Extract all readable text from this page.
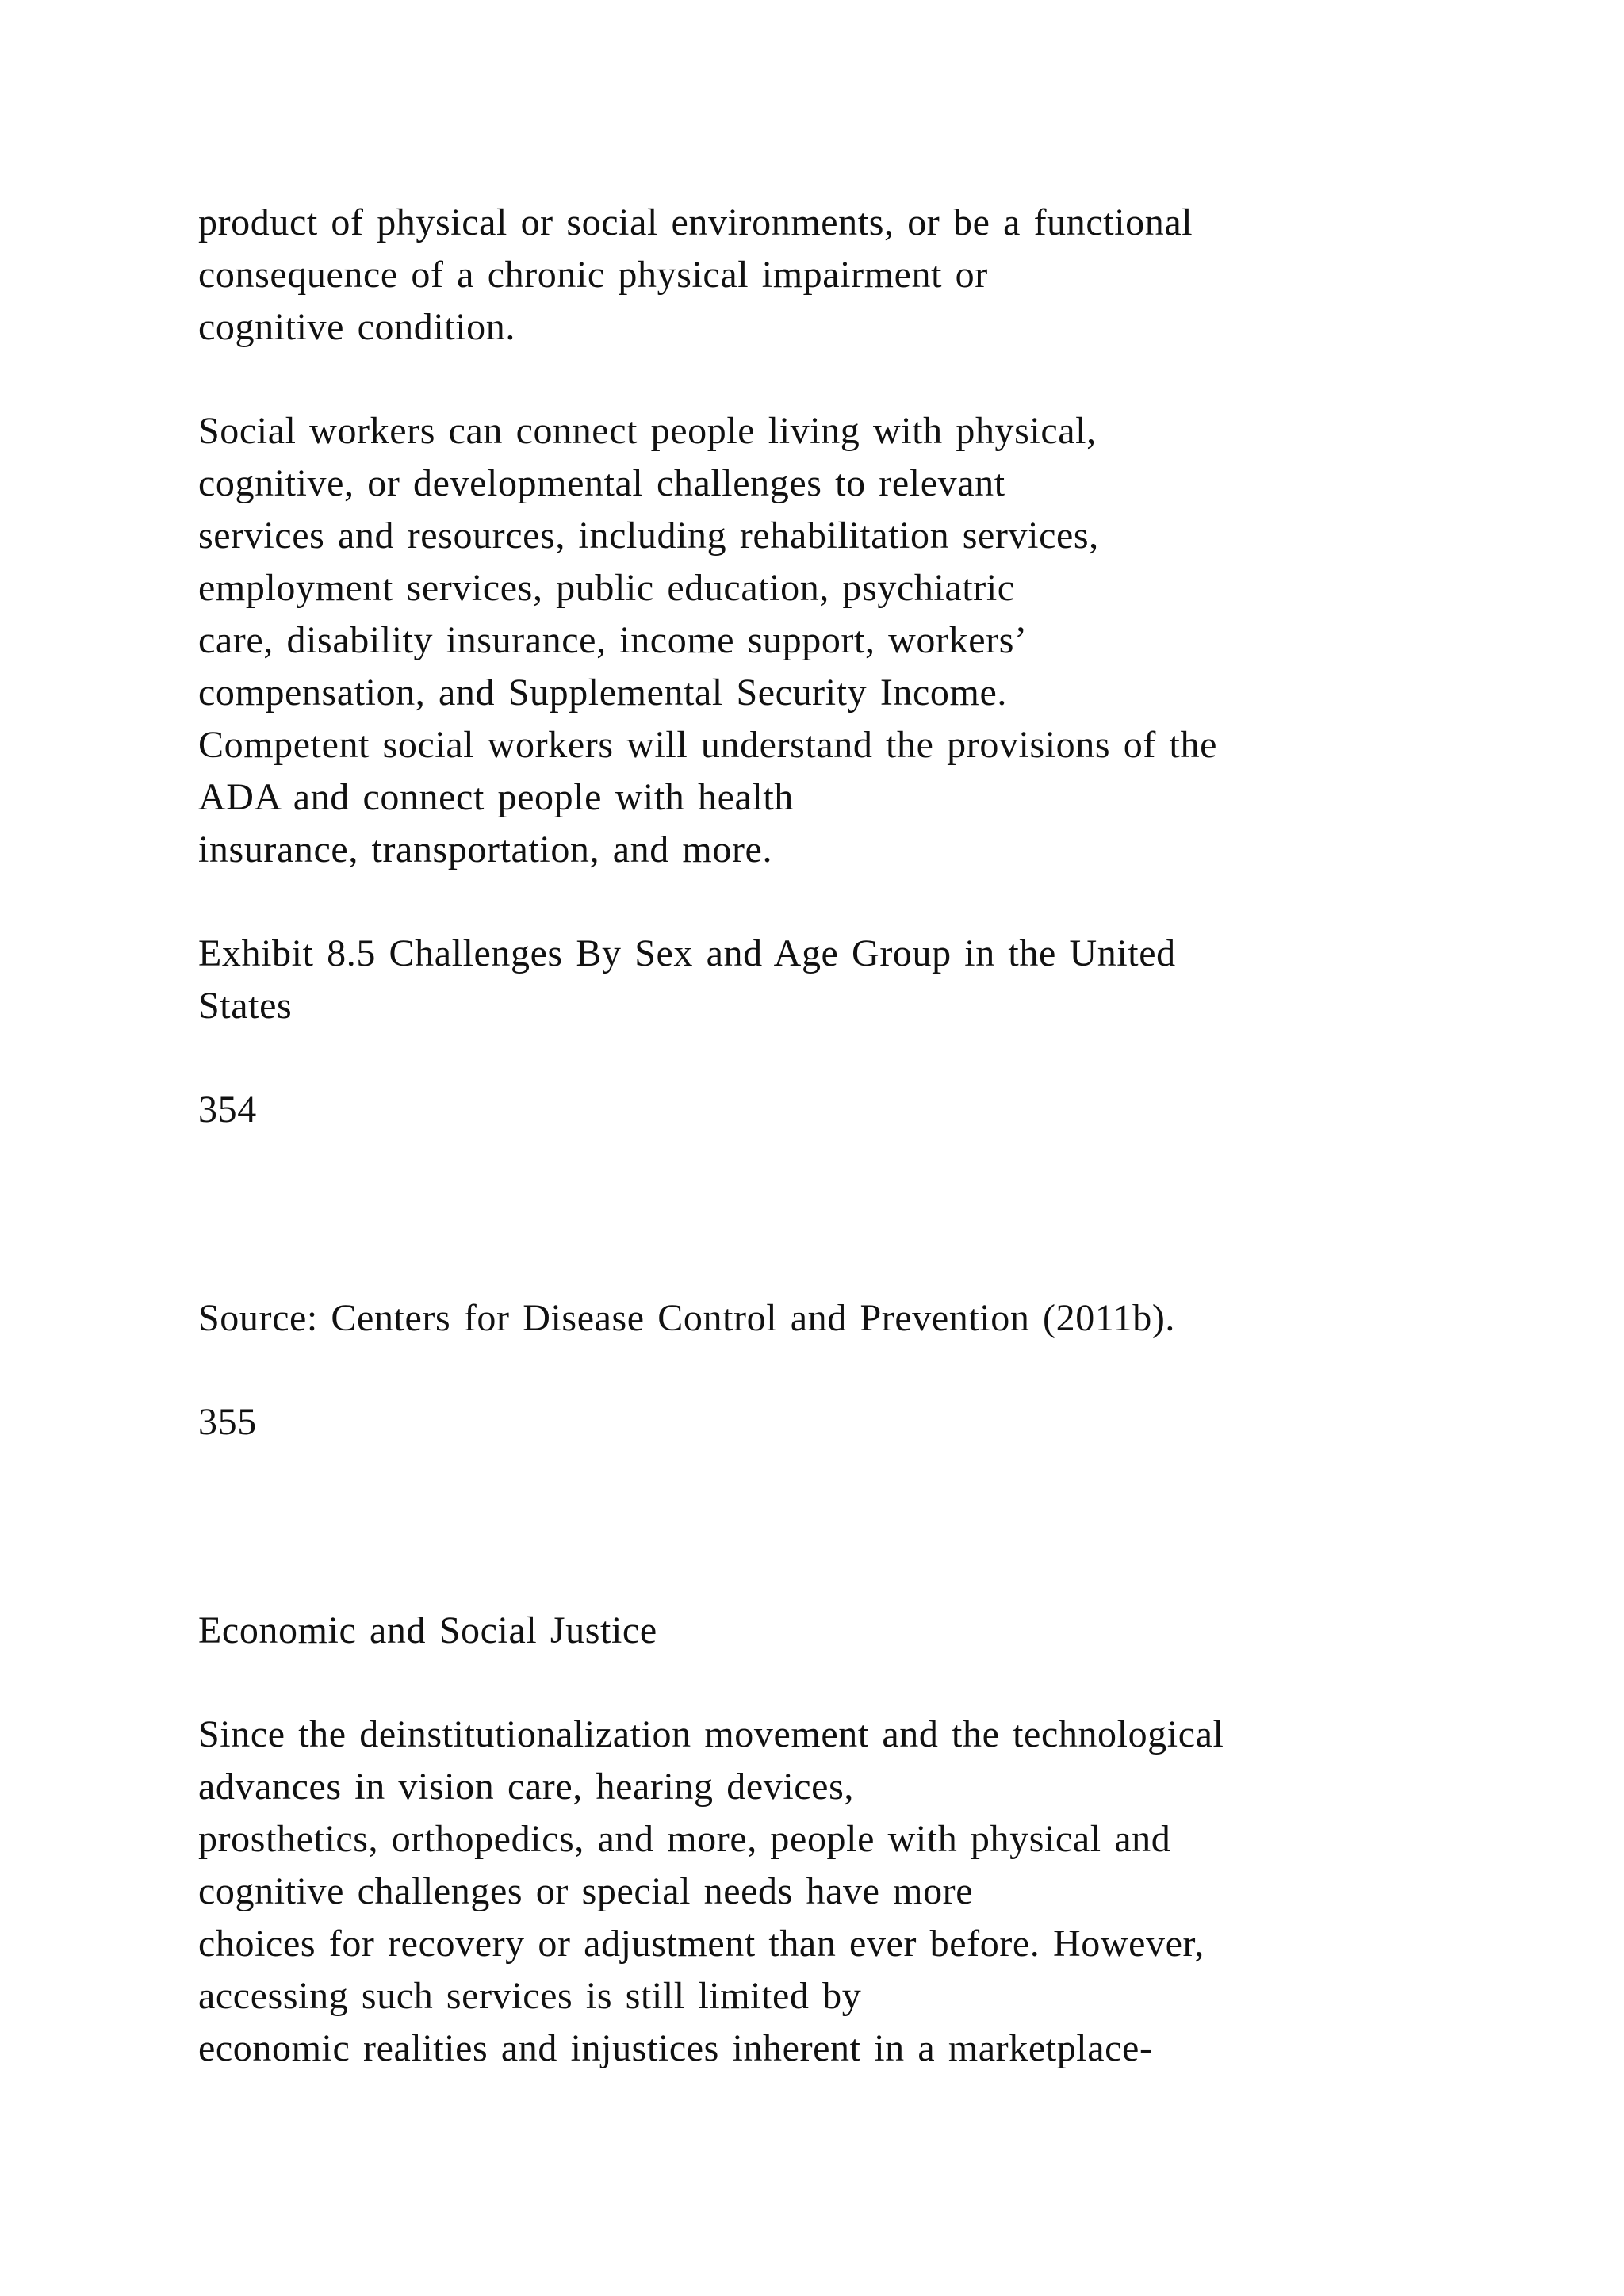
product of physical or social environments, or be a functional

consequence of a chronic physical impairment or

cognitive condition.

Social workers can connect people living with physical,

cognitive, or developmental challenges to relevant

services and resources, including rehabilitation services,

employment services, public education, psychiatric

care, disability insurance, income support, workers’

compensation, and Supplemental Security Income.

Competent social workers will understand the provisions of the

ADA and connect people with health

insurance, transportation, and more.

Exhibit 8.5 Challenges By Sex and Age Group in the United

States

354

Source: Centers for Disease Control and Prevention (2011b).

355

Economic and Social Justice

Since the deinstitutionalization movement and the technological

advances in vision care, hearing devices,

prosthetics, orthopedics, and more, people with physical and

cognitive challenges or special needs have more

choices for recovery or adjustment than ever before. However,

accessing such services is still limited by

economic realities and injustices inherent in a marketplace-
